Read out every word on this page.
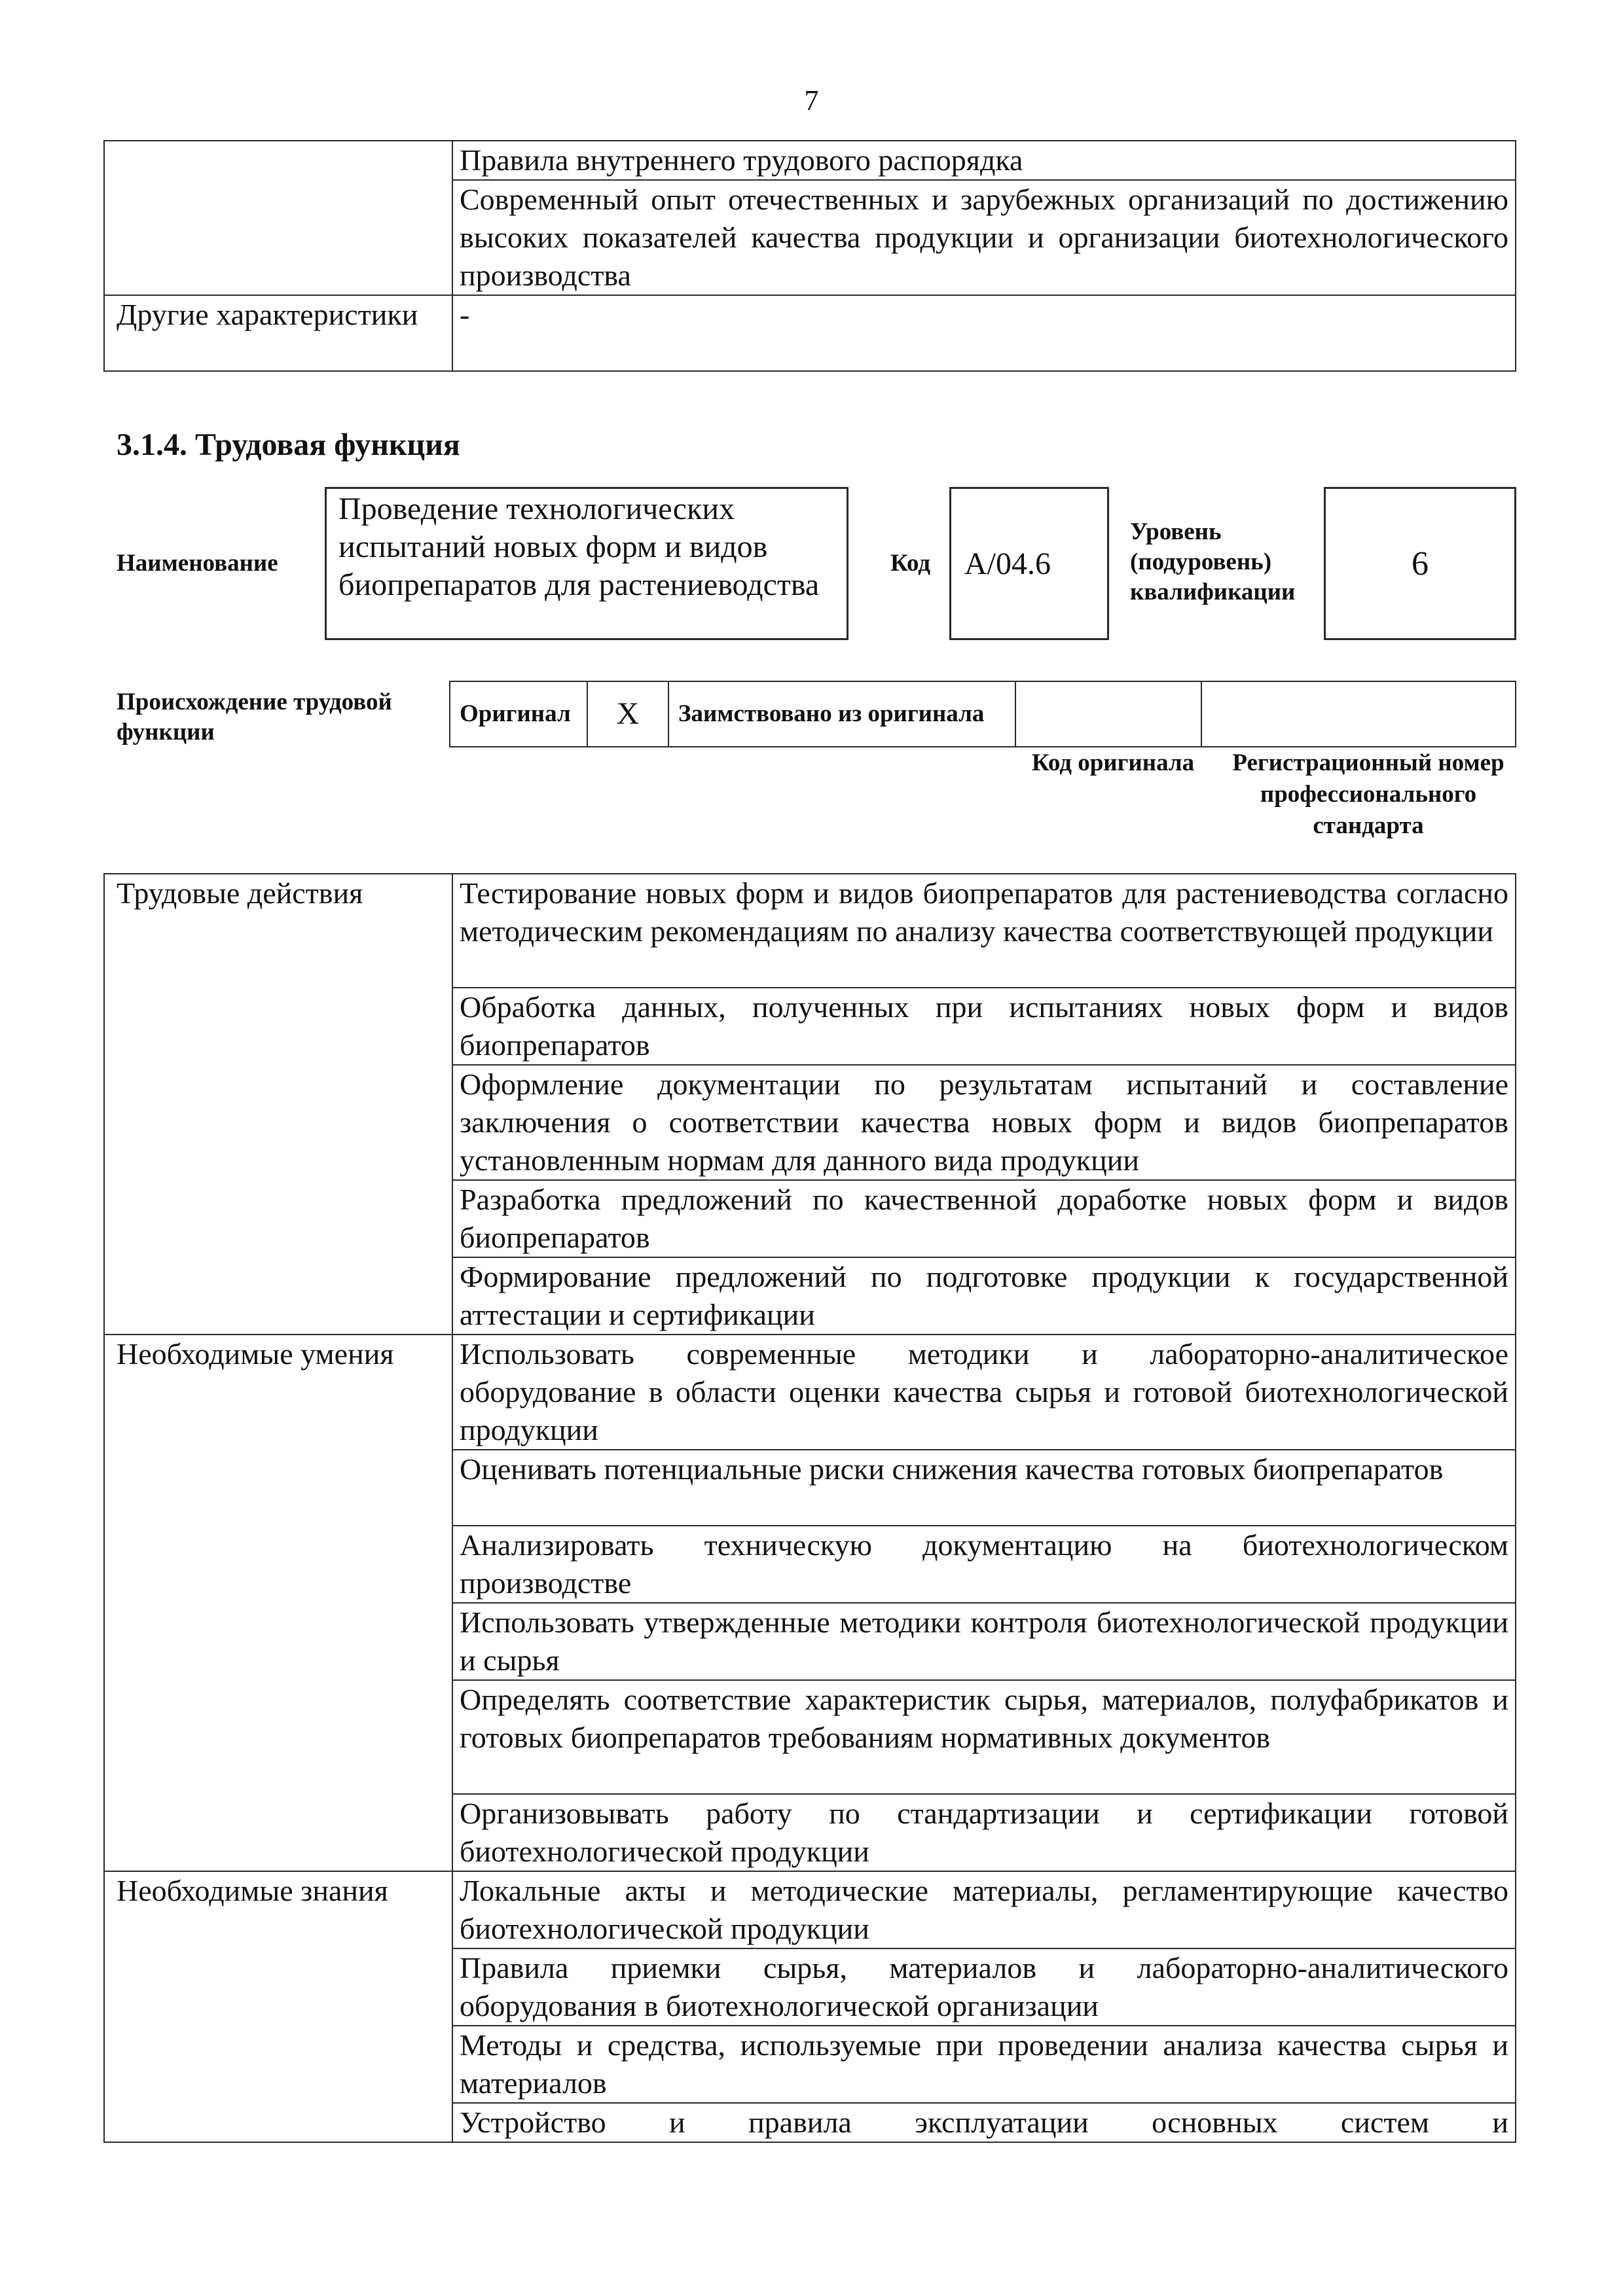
7
	Правила внутреннего трудового распорядка
	Современный опыт отечественных и зарубежных организаций по достижению высоких показателей качества продукции и организации биотехнологического производства
Другие характеристики	-
3.1.4. Трудовая функция
Наименование
Проведение технологических испытаний новых форм и видов биопрепаратов для растениеводства
Код A/04.6
Уровень (подуровень) квалификации
6
Происхождение трудовой функции
Оригинал	X	Заимствовано из оригинала		
Код оригинала	Регистрационный номер профессионального стандарта
Трудовые действия	Тестирование новых форм и видов биопрепаратов для растениеводства согласно методическим рекомендациям по анализу качества соответствующей продукции
	Обработка данных, полученных при испытаниях новых форм и видов биопрепаратов
	Оформление документации по результатам испытаний и составление заключения о соответствии качества новых форм и видов биопрепаратов установленным нормам для данного вида продукции
	Разработка предложений по качественной доработке новых форм и видов биопрепаратов
	Формирование предложений по подготовке продукции к государственной аттестации и сертификации
Необходимые умения	Использовать современные методики и лабораторно-аналитическое оборудование в области оценки качества сырья и готовой биотехнологической продукции
	Оценивать потенциальные риски снижения качества готовых биопрепаратов
	Анализировать техническую документацию на биотехнологическом производстве
	Использовать утвержденные методики контроля биотехнологической продукции и сырья
	Определять соответствие характеристик сырья, материалов, полуфабрикатов и готовых биопрепаратов требованиям нормативных документов
	Организовывать работу по стандартизации и сертификации готовой биотехнологической продукции
Необходимые знания	Локальные акты и методические материалы, регламентирующие качество биотехнологической продукции
	Правила приемки сырья, материалов и лабораторно-аналитического оборудования в биотехнологической организации
	Методы и средства, используемые при проведении анализа качества сырья и материалов
	Устройство и правила эксплуатации основных систем и
